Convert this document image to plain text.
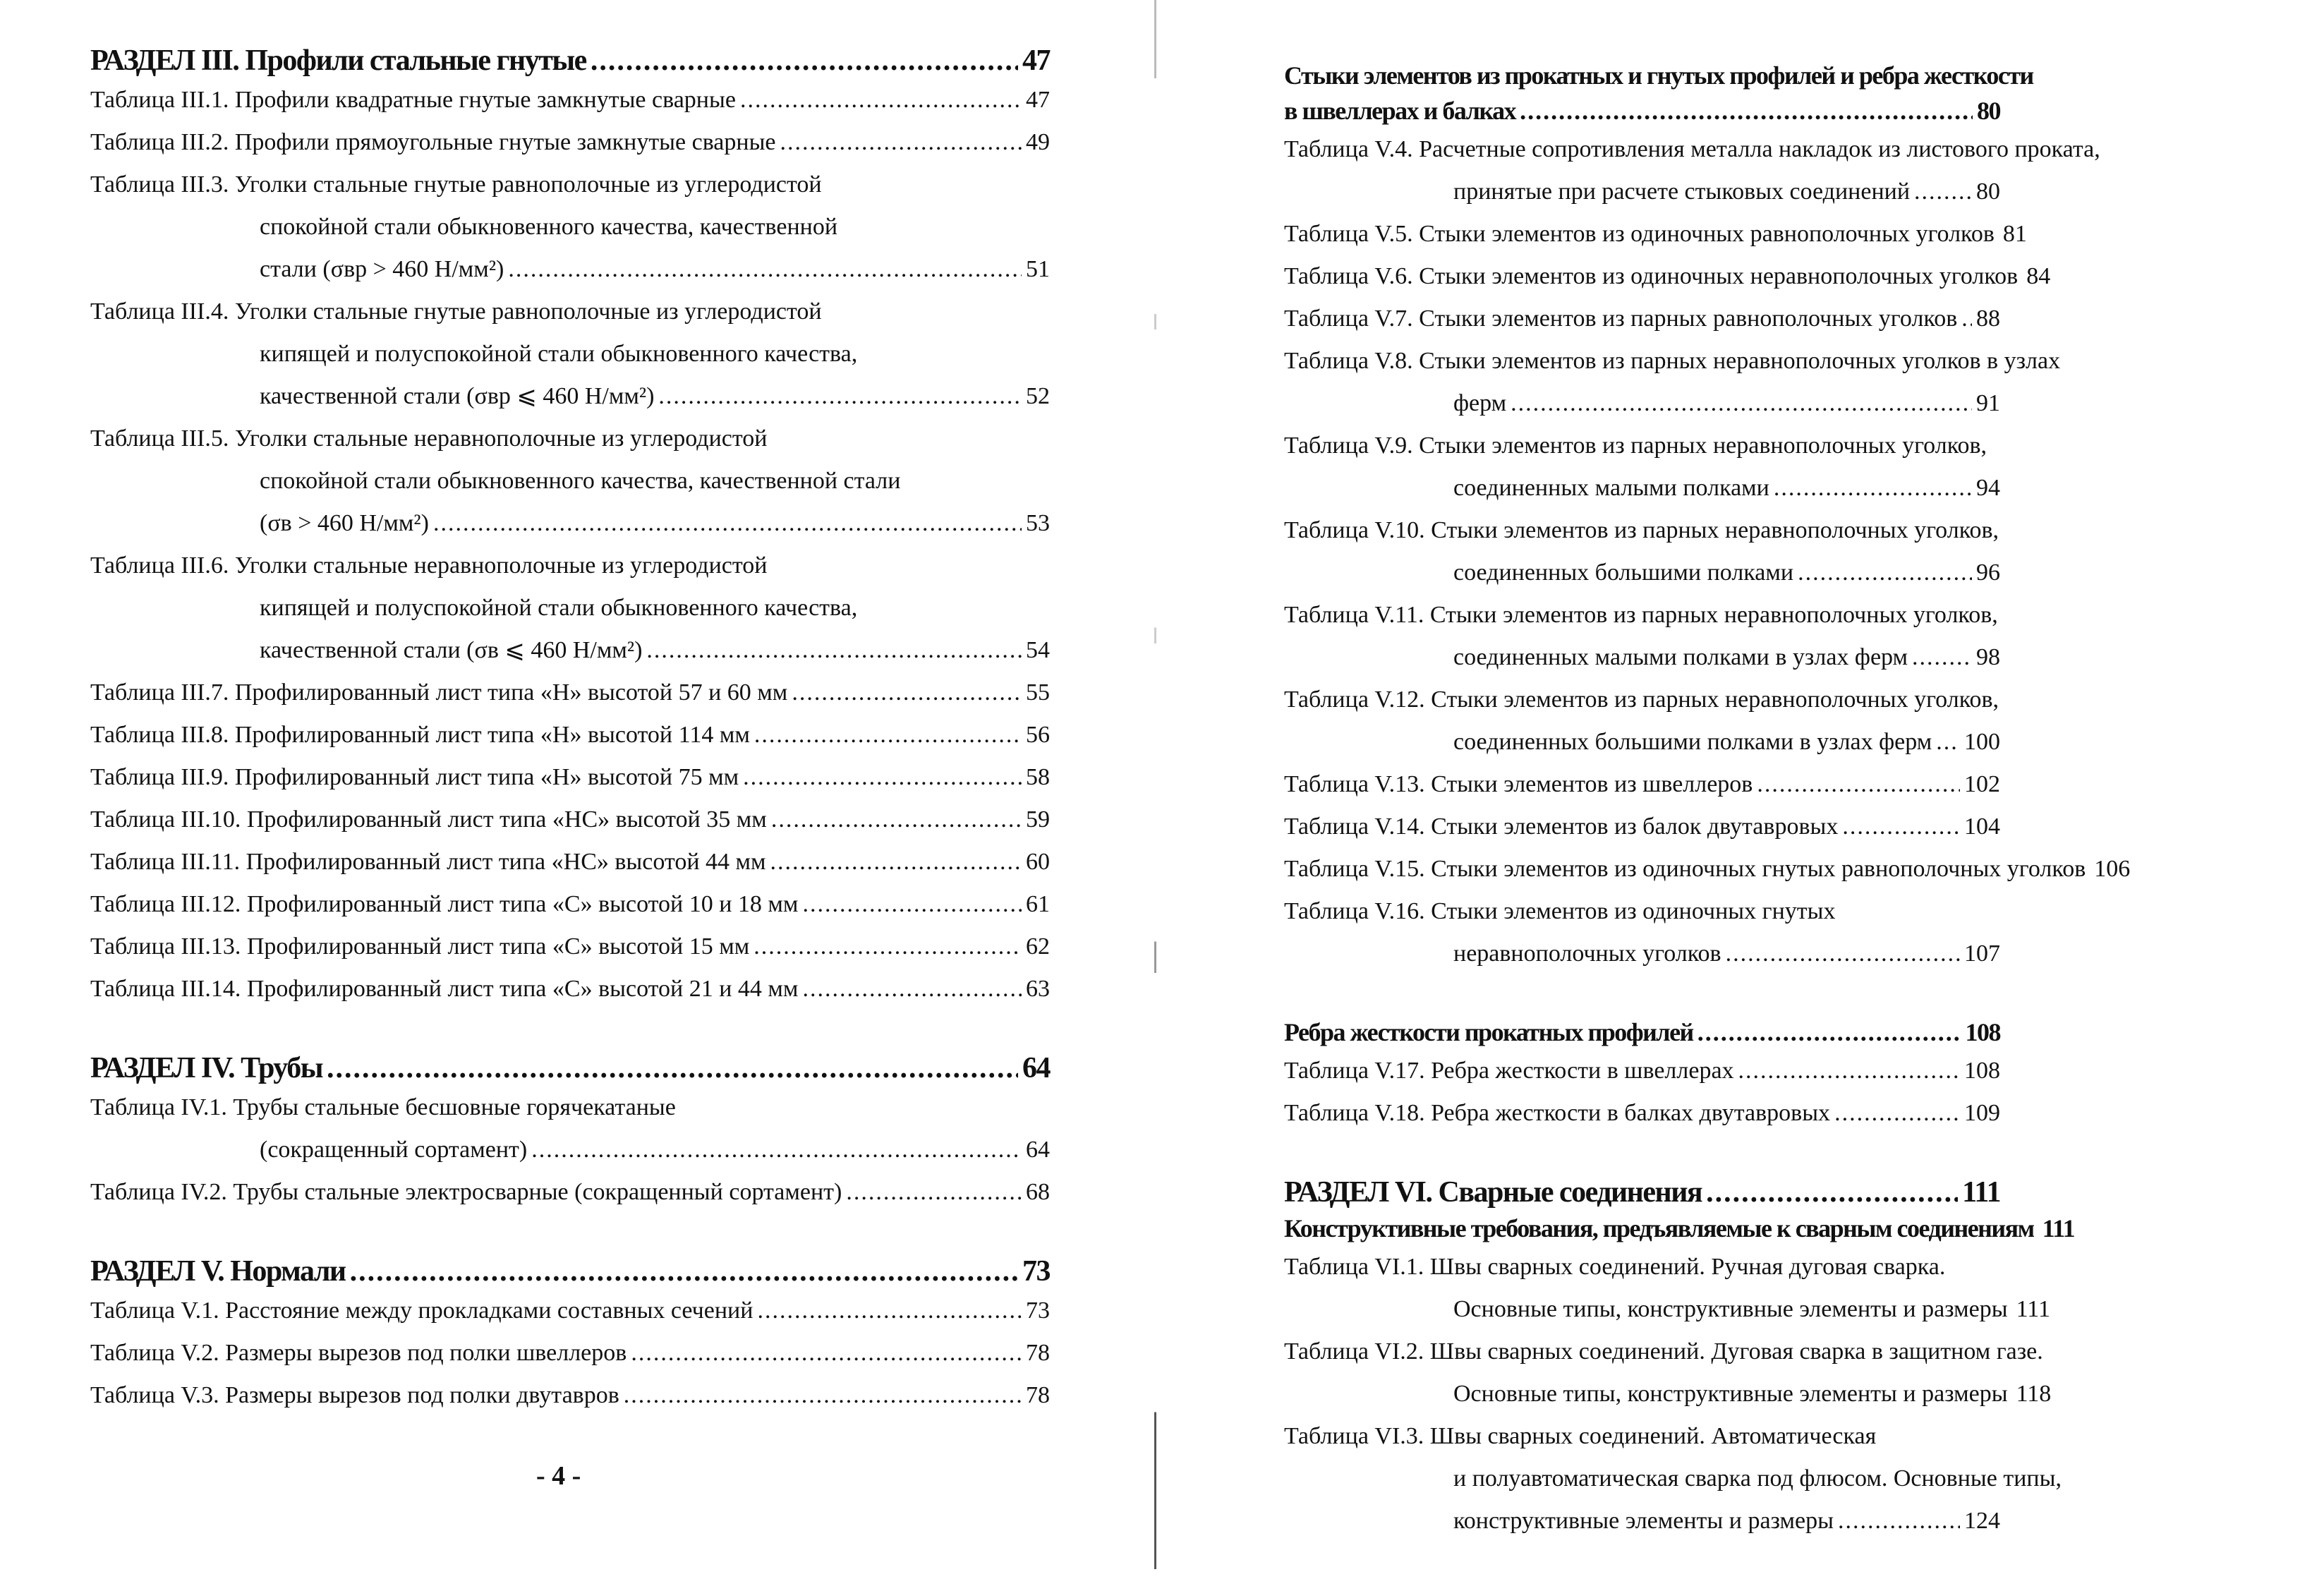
РАЗДЕЛ III. Профили стальные гнутые .....	47
Таблица III.1. Профили квадратные гнутые замкнутые сварные .....	47
Таблица III.2. Профили прямоугольные гнутые замкнутые сварные .....	49
Таблица III.3. Уголки стальные гнутые равнополочные из углеродистой
спокойной стали обыкновенного качества, качественной
стали (σвр > 460 Н/мм²) .....	51
Таблица III.4. Уголки стальные гнутые равнополочные из углеродистой
кипящей и полуспокойной стали обыкновенного качества,
качественной стали (σвр ⩽ 460 Н/мм²) .....	52
Таблица III.5. Уголки стальные неравнополочные из углеродистой
спокойной стали обыкновенного качества, качественной стали
(σв > 460 Н/мм²) .....	53
Таблица III.6. Уголки стальные неравнополочные из углеродистой
кипящей и полуспокойной стали обыкновенного качества,
качественной стали (σв ⩽ 460 Н/мм²) .....	54
Таблица III.7. Профилированный лист типа «Н» высотой 57 и 60 мм .....	55
Таблица III.8. Профилированный лист типа «Н» высотой 114 мм .....	56
Таблица III.9. Профилированный лист типа «Н» высотой 75 мм .....	58
Таблица III.10. Профилированный лист типа «НС» высотой 35 мм .....	59
Таблица III.11. Профилированный лист типа «НС» высотой 44 мм .....	60
Таблица III.12. Профилированный лист типа «С» высотой 10 и 18 мм .....	61
Таблица III.13. Профилированный лист типа «С» высотой 15 мм .....	62
Таблица III.14. Профилированный лист типа «С» высотой 21 и 44 мм .....	63
РАЗДЕЛ IV. Трубы .....	64
Таблица IV.1. Трубы стальные бесшовные горячекатаные
(сокращенный сортамент) .....	64
Таблица IV.2. Трубы стальные электросварные (сокращенный сортамент) .....	68
РАЗДЕЛ V. Нормали .....	73
Таблица V.1. Расстояние между прокладками составных сечений .....	73
Таблица V.2. Размеры вырезов под полки швеллеров .....	78
Таблица V.3. Размеры вырезов под полки двутавров .....	78
- 4 -
Стыки элементов из прокатных и гнутых профилей и ребра жесткости
в швеллерах и балках .....	80
Таблица V.4. Расчетные сопротивления металла накладок из листового проката,
принятые при расчете стыковых соединений .....	80
Таблица V.5. Стыки элементов из одиночных равнополочных уголков 81
Таблица V.6. Стыки элементов из одиночных неравнополочных уголков 84
Таблица V.7. Стыки элементов из парных равнополочных уголков ..... 88
Таблица V.8. Стыки элементов из парных неравнополочных уголков в узлах
ферм .....	91
Таблица V.9. Стыки элементов из парных неравнополочных уголков,
соединенных малыми полками .....	94
Таблица V.10. Стыки элементов из парных неравнополочных уголков,
соединенных большими полками .....	96
Таблица V.11. Стыки элементов из парных неравнополочных уголков,
соединенных малыми полками в узлах ферм .....	98
Таблица V.12. Стыки элементов из парных неравнополочных уголков,
соединенных большими полками в узлах ферм ..... 100
Таблица V.13. Стыки элементов из швеллеров .....	102
Таблица V.14. Стыки элементов из балок двутавровых .....	104
Таблица V.15. Стыки элементов из одиночных гнутых равнополочных уголков 106
Таблица V.16. Стыки элементов из одиночных гнутых
неравнополочных уголков .....	107
Ребра жесткости прокатных профилей .....	108
Таблица V.17. Ребра жесткости в швеллерах .....	108
Таблица V.18. Ребра жесткости в балках двутавровых .....	109
РАЗДЕЛ VI. Сварные соединения .....	111
Конструктивные требования, предъявляемые к сварным соединениям 111
Таблица VI.1. Швы сварных соединений. Ручная дуговая сварка.
Основные типы, конструктивные элементы и размеры 111
Таблица VI.2. Швы сварных соединений. Дуговая сварка в защитном газе.
Основные типы, конструктивные элементы и размеры 118
Таблица VI.3. Швы сварных соединений. Автоматическая
и полуавтоматическая сварка под флюсом. Основные типы,
конструктивные элементы и размеры .....	124
